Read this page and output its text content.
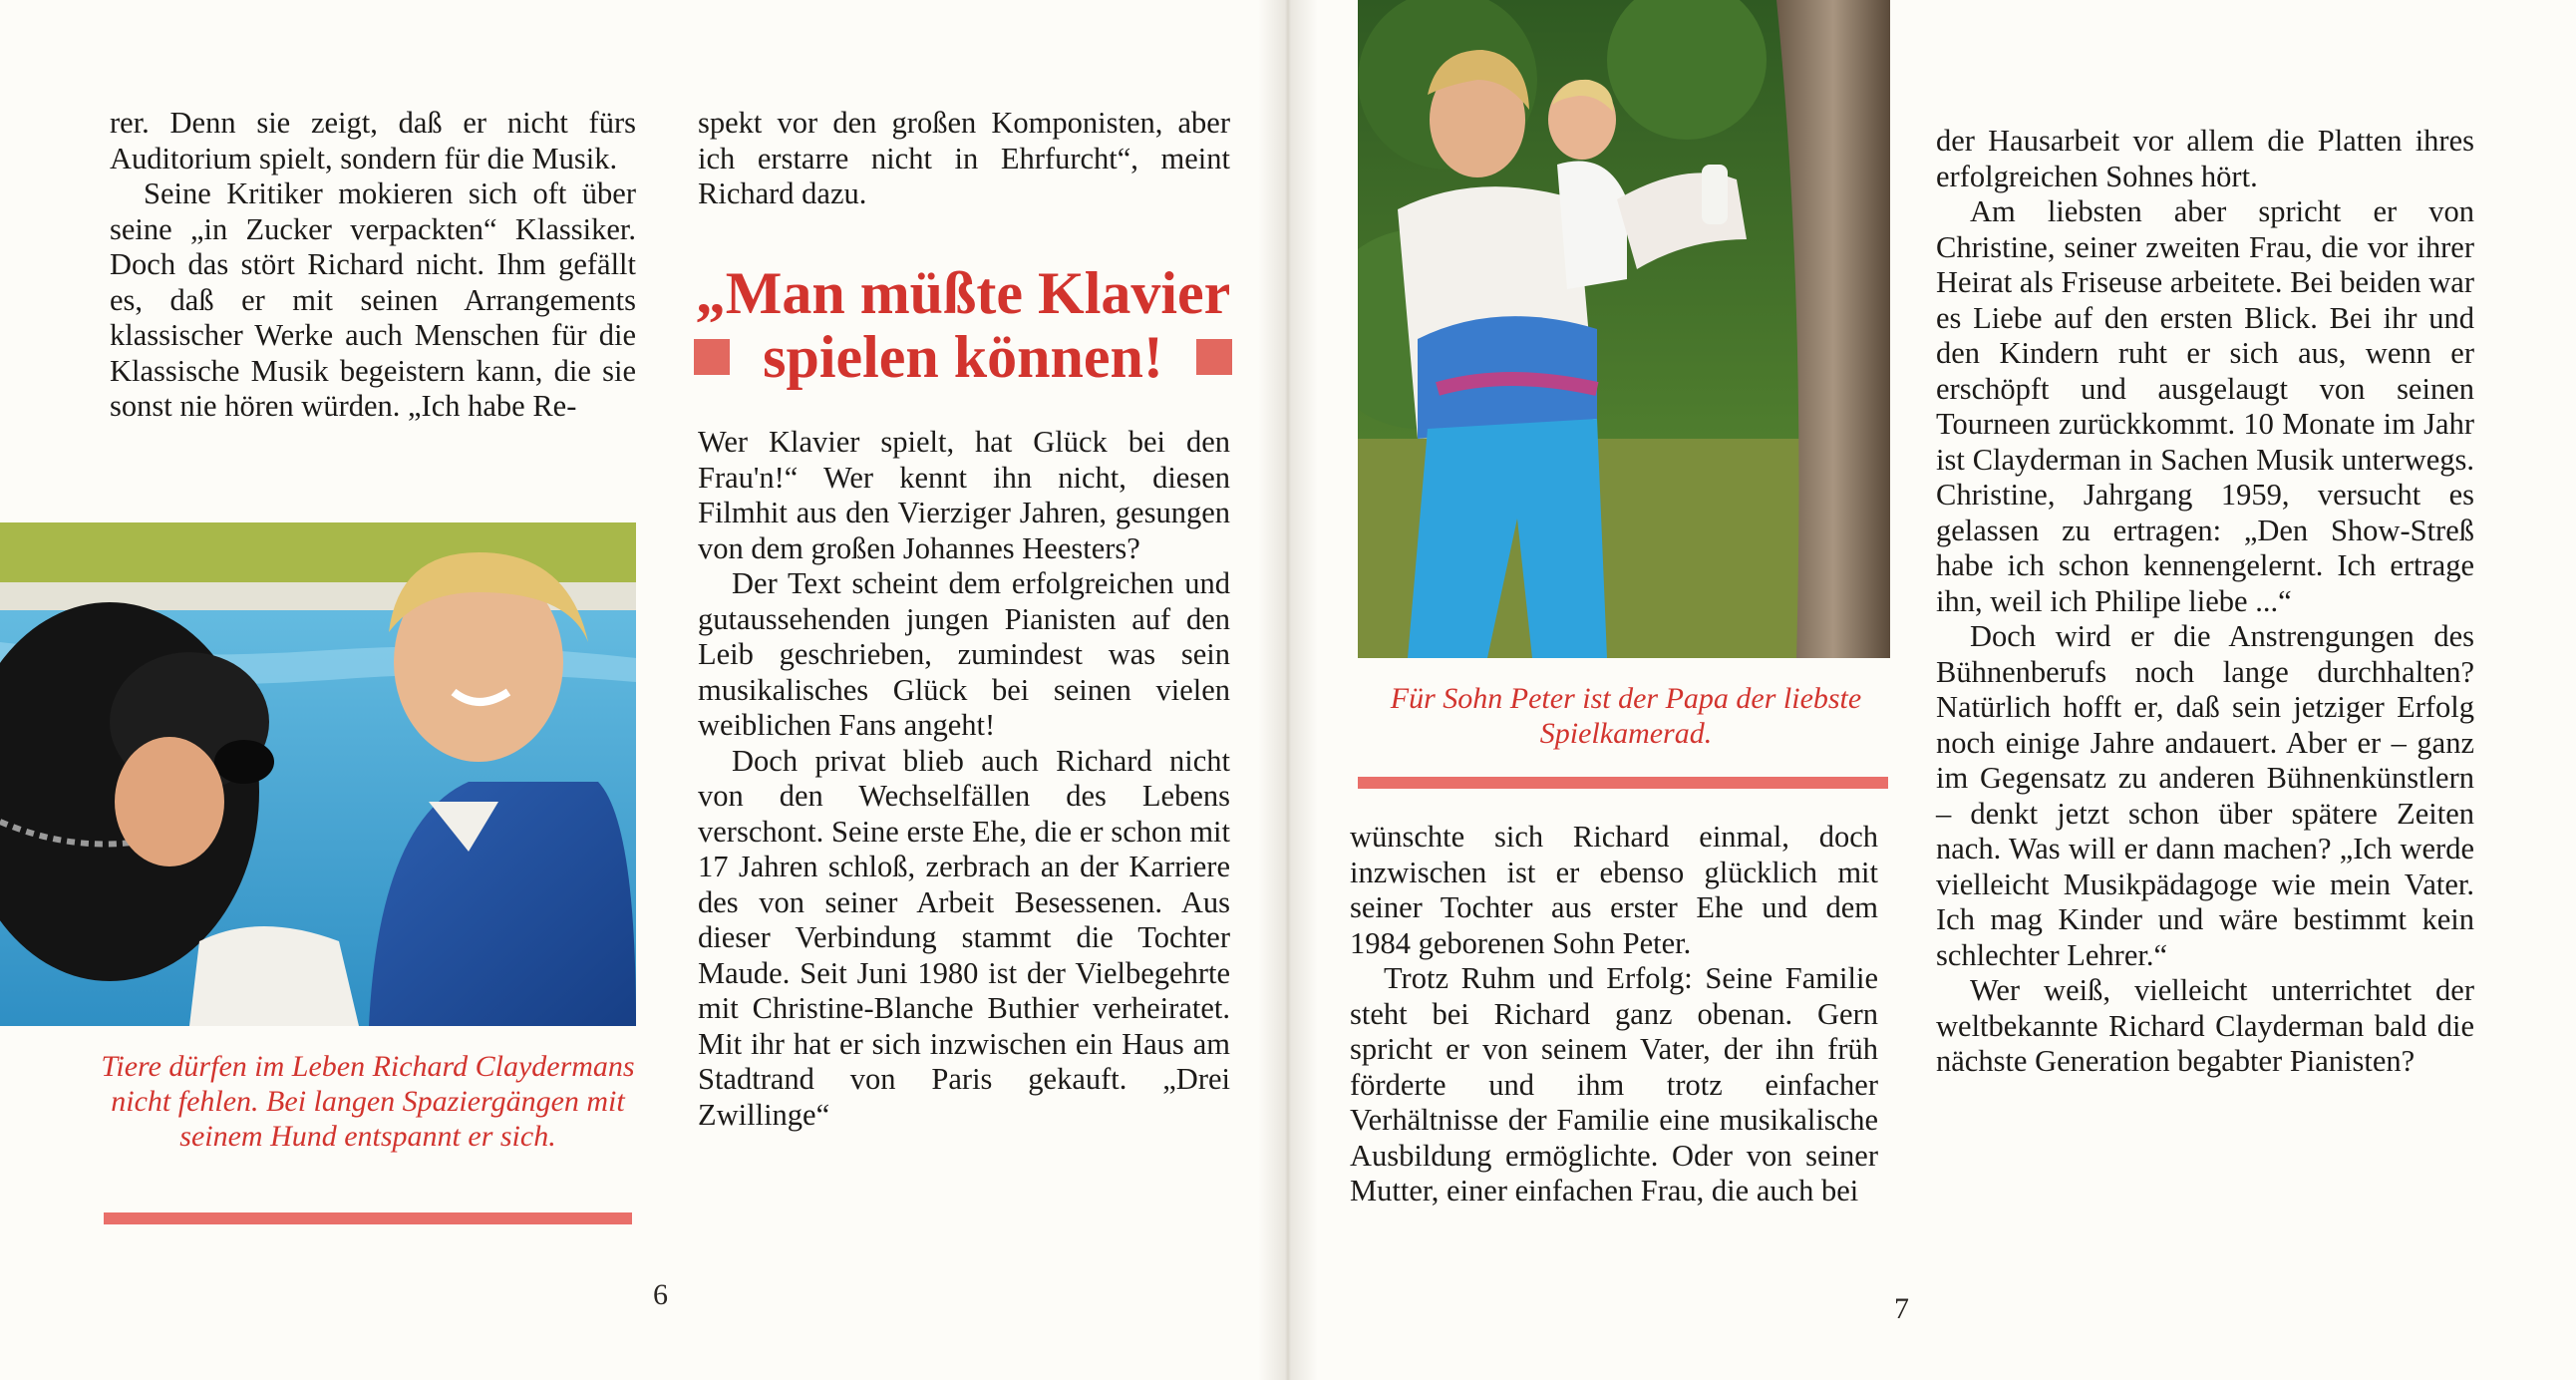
rer. Denn sie zeigt, daß er nicht fürs Auditorium spielt, sondern für die Musik.

Seine Kritiker mokieren sich oft über seine „in Zucker verpackten“ Klassiker. Doch das stört Richard nicht. Ihm gefällt es, daß er mit seinen Arrangements klassischer Werke auch Menschen für die Klassische Musik begeistern kann, die sie sonst nie hören würden. „Ich habe Re-

Tiere dürfen im Leben Richard Claydermans nicht fehlen. Bei langen Spaziergängen mit seinem Hund entspannt er sich.

spekt vor den großen Komponisten, aber ich erstarre nicht in Ehrfurcht“, meint Richard dazu.

„Man müßte Klavier
spielen können!

Wer Klavier spielt, hat Glück bei den Frau'n!“ Wer kennt ihn nicht, diesen Filmhit aus den Vierziger Jahren, gesungen von dem großen Johannes Heesters?

Der Text scheint dem erfolgreichen und gutaussehenden jungen Pianisten auf den Leib geschrieben, zumindest was sein musikalisches Glück bei seinen vielen weiblichen Fans angeht!

Doch privat blieb auch Richard nicht von den Wechselfällen des Lebens verschont. Seine erste Ehe, die er schon mit 17 Jahren schloß, zerbrach an der Karriere des von seiner Arbeit Besessenen. Aus dieser Verbindung stammt die Tochter Maude. Seit Juni 1980 ist der Vielbegehrte mit Christine-Blanche Buthier verheiratet. Mit ihr hat er sich inzwischen ein Haus am Stadtrand von Paris gekauft. „Drei Zwillinge“

6
Für Sohn Peter ist der Papa der liebste Spielkamerad.

wünschte sich Richard einmal, doch inzwischen ist er ebenso glücklich mit seiner Tochter aus erster Ehe und dem 1984 geborenen Sohn Peter.

Trotz Ruhm und Erfolg: Seine Familie steht bei Richard ganz obenan. Gern spricht er von seinem Vater, der ihn früh förderte und ihm trotz einfacher Verhältnisse der Familie eine musikalische Ausbildung ermöglichte. Oder von seiner Mutter, einer einfachen Frau, die auch bei

der Hausarbeit vor allem die Platten ihres erfolgreichen Sohnes hört.

Am liebsten aber spricht er von Christine, seiner zweiten Frau, die vor ihrer Heirat als Friseuse arbeitete. Bei beiden war es Liebe auf den ersten Blick. Bei ihr und den Kindern ruht er sich aus, wenn er erschöpft und ausgelaugt von seinen Tourneen zurückkommt. 10 Monate im Jahr ist Clayderman in Sachen Musik unterwegs. Christine, Jahrgang 1959, versucht es gelassen zu ertragen: „Den Show-Streß habe ich schon kennengelernt. Ich ertrage ihn, weil ich Philipe liebe ...“

Doch wird er die Anstrengungen des Bühnenberufs noch lange durchhalten? Natürlich hofft er, daß sein jetziger Erfolg noch einige Jahre andauert. Aber er – ganz im Gegensatz zu anderen Bühnenkünstlern – denkt jetzt schon über spätere Zeiten nach. Was will er dann machen? „Ich werde vielleicht Musikpädagoge wie mein Vater. Ich mag Kinder und wäre bestimmt kein schlechter Lehrer.“

Wer weiß, vielleicht unterrichtet der weltbekannte Richard Clayderman bald die nächste Generation begabter Pianisten?

7
